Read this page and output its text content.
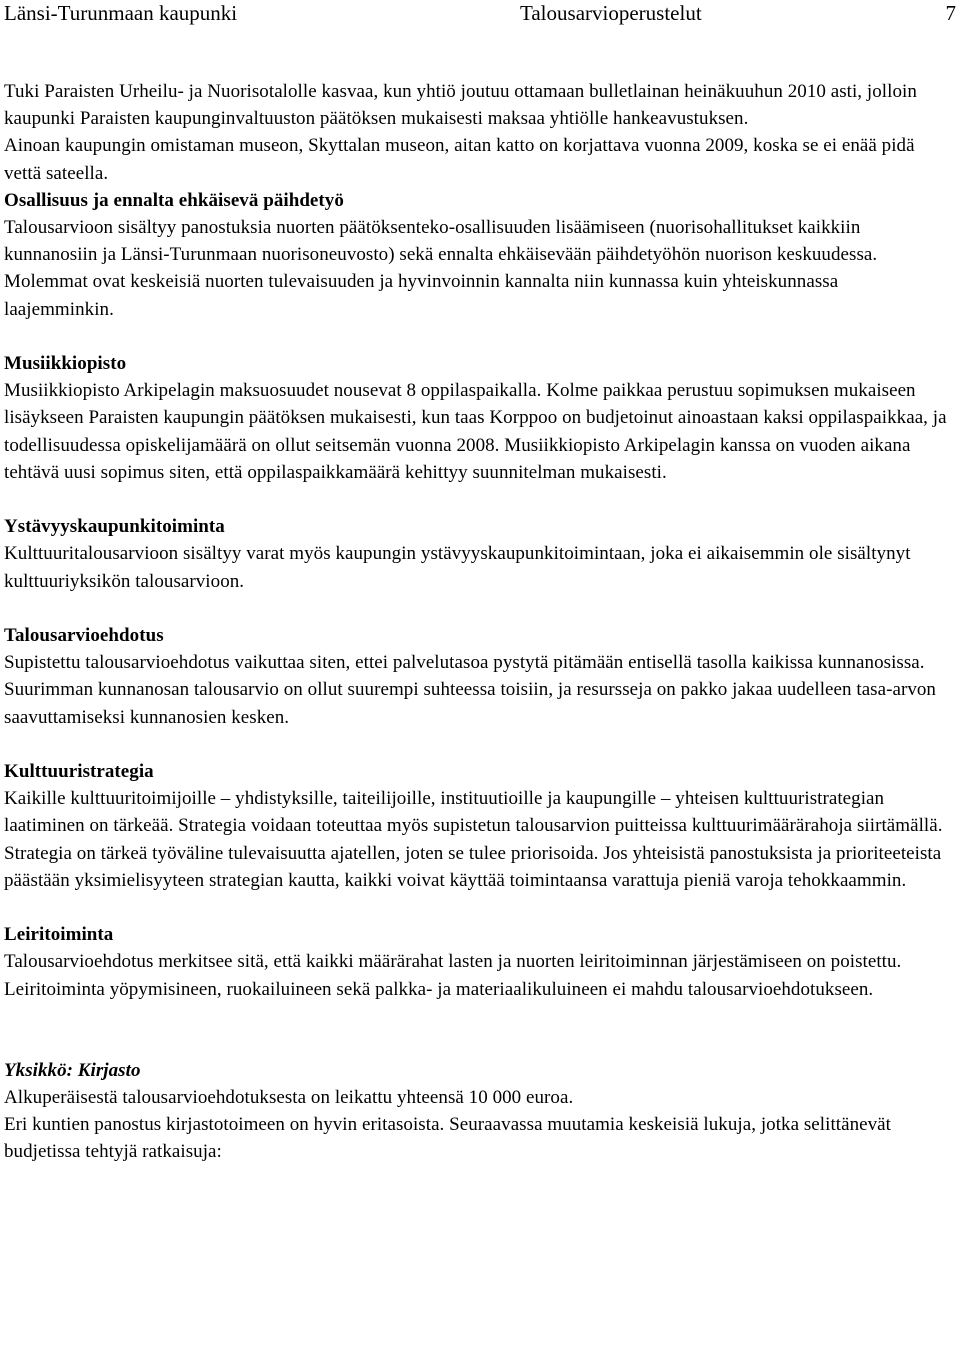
Länsi-Turunmaan kaupunki	Talousarvioperustelut	7

Tuki Paraisten Urheilu- ja Nuorisotalolle kasvaa, kun yhtiö joutuu ottamaan bulletlainan heinäkuuhun 2010 asti, jolloin kaupunki Paraisten kaupunginvaltuuston päätöksen mukaisesti maksaa yhtiölle hankeavustuksen.

Ainoan kaupungin omistaman museon, Skyttalan museon, aitan katto on korjattava vuonna 2009, koska se ei enää pidä vettä sateella.

Osallisuus ja ennalta ehkäisevä päihdetyö

Talousarvioon sisältyy panostuksia nuorten päätöksenteko-osallisuuden lisäämiseen (nuorisohallitukset kaikkiin kunnanosiin ja Länsi-Turunmaan nuorisoneuvosto) sekä ennalta ehkäisevään päihdetyöhön nuorison keskuudessa. Molemmat ovat keskeisiä nuorten tulevaisuuden ja hyvinvoinnin kannalta niin kunnassa kuin yhteiskunnassa laajemminkin.

Musiikkiopisto

Musiikkiopisto Arkipelagin maksuosuudet nousevat 8 oppilaspaikalla. Kolme paikkaa perustuu sopimuksen mukaiseen lisäykseen Paraisten kaupungin päätöksen mukaisesti, kun taas Korppoo on budjetoinut ainoastaan kaksi oppilaspaikkaa, ja todellisuudessa opiskelijamäärä on ollut seitsemän vuonna 2008. Musiikkiopisto Arkipelagin kanssa on vuoden aikana tehtävä uusi sopimus siten, että oppilaspaikkamäärä kehittyy suunnitelman mukaisesti.

Ystävyyskaupunkitoiminta

Kulttuuritalousarvioon sisältyy varat myös kaupungin ystävyyskaupunkitoimintaan, joka ei aikaisemmin ole sisältynyt kulttuuriyksikön talousarvioon.

Talousarvioehdotus

Supistettu talousarvioehdotus vaikuttaa siten, ettei palvelutasoa pystytä pitämään entisellä tasolla kaikissa kunnanosissa. Suurimman kunnanosan talousarvio on ollut suurempi suhteessa toisiin, ja resursseja on pakko jakaa uudelleen tasa-arvon saavuttamiseksi kunnanosien kesken.

Kulttuuristrategia

Kaikille kulttuuritoimijoille – yhdistyksille, taiteilijoille, instituutioille ja kaupungille – yhteisen kulttuuristrategian laatiminen on tärkeää. Strategia voidaan toteuttaa myös supistetun talousarvion puitteissa kulttuurimäärärahoja siirtämällä. Strategia on tärkeä työväline tulevaisuutta ajatellen, joten se tulee priorisoida. Jos yhteisistä panostuksista ja prioriteeteista päästään yksimielisyyteen strategian kautta, kaikki voivat käyttää toimintaansa varattuja pieniä varoja tehokkaammin.

Leiritoiminta

Talousarvioehdotus merkitsee sitä, että kaikki määrärahat lasten ja nuorten leiritoiminnan järjestämiseen on poistettu. Leiritoiminta yöpymisineen, ruokailuineen sekä palkka- ja materiaalikuluineen ei mahdu talousarvioehdotukseen.

Yksikkö: Kirjasto

Alkuperäisestä talousarvioehdotuksesta on leikattu yhteensä 10 000 euroa.

Eri kuntien panostus kirjastotoimeen on hyvin eritasoista. Seuraavassa muutamia keskeisiä lukuja, jotka selittänevät budjetissa tehtyjä ratkaisuja:
